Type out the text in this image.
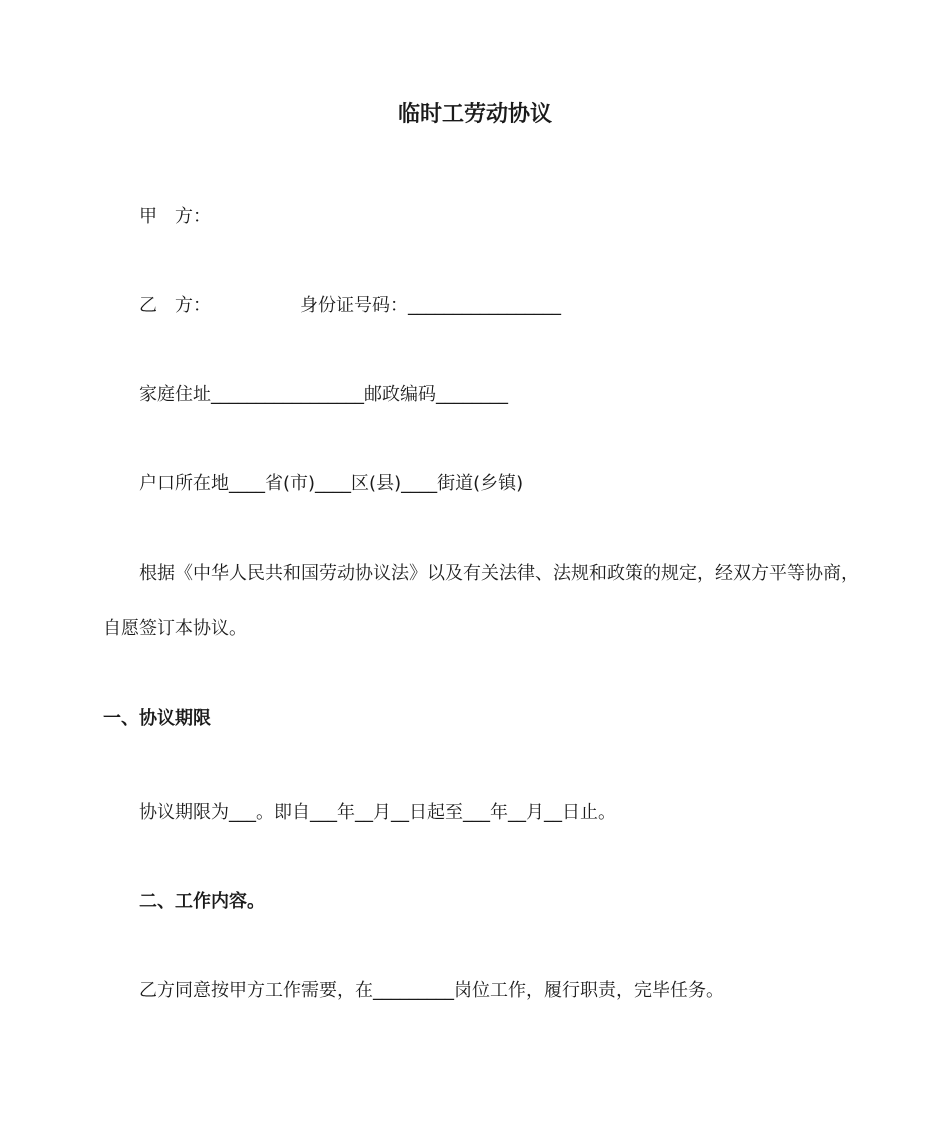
临时工劳动协议
甲　方：
乙　方：	身份证号码：_________________
家庭住址_________________邮政编码________
户口所在地____省(市)____区(县)____街道(乡镇)
根据《中华人民共和国劳动协议法》以及有关法律、法规和政策的规定，经双方平等协商，
自愿签订本协议。
一、协议期限
协议期限为___。即自___年__月__日起至___年__月__日止。
二、工作内容。
乙方同意按甲方工作需要，在_________岗位工作，履行职责，完毕任务。
